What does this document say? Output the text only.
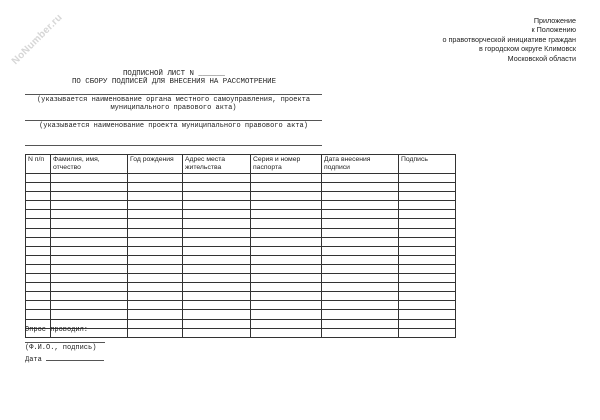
NoNumber.ru	Приложение
к Положению
о правотворческой инициативе граждан
в городском округе Климовск
Московской области
ПОДПИСНОЙ ЛИСТ N ______
ПО СБОРУ ПОДПИСЕЙ ДЛЯ ВНЕСЕНИЯ НА РАССМОТРЕНИЕ
(указывается наименование органа местного самоуправления, проекта
муниципального правового акта)
(указывается наименование проекта муниципального правового акта)
N п/п	Фамилия, имя, отчество	Год рождения	Адрес места жительства	Серия и номер паспорта	Дата внесения подписи	Подпись

Опрос проводил:
(Ф.И.О., подпись)
Дата
